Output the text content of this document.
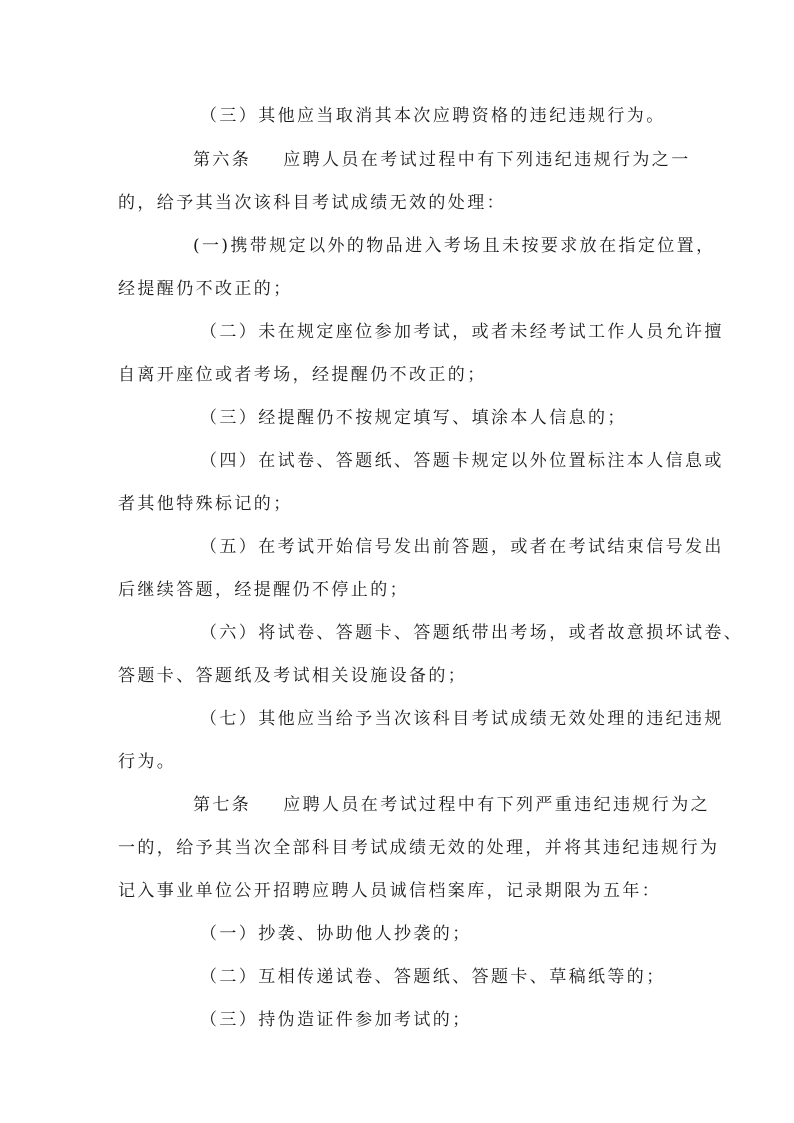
（三）其他应当取消其本次应聘资格的违纪违规行为。
第六条 应聘人员在考试过程中有下列违纪违规行为之一
的，给予其当次该科目考试成绩无效的处理：
(一)携带规定以外的物品进入考场且未按要求放在指定位置，
经提醒仍不改正的；
（二）未在规定座位参加考试，或者未经考试工作人员允许擅
自离开座位或者考场，经提醒仍不改正的；
（三）经提醒仍不按规定填写、填涂本人信息的；
（四）在试卷、答题纸、答题卡规定以外位置标注本人信息或
者其他特殊标记的；
（五）在考试开始信号发出前答题，或者在考试结束信号发出
后继续答题，经提醒仍不停止的；
（六）将试卷、答题卡、答题纸带出考场，或者故意损坏试卷、
答题卡、答题纸及考试相关设施设备的；
（七）其他应当给予当次该科目考试成绩无效处理的违纪违规
行为。
第七条 应聘人员在考试过程中有下列严重违纪违规行为之
一的，给予其当次全部科目考试成绩无效的处理，并将其违纪违规行为
记入事业单位公开招聘应聘人员诚信档案库，记录期限为五年：
（一）抄袭、协助他人抄袭的；
（二）互相传递试卷、答题纸、答题卡、草稿纸等的；
（三）持伪造证件参加考试的；
